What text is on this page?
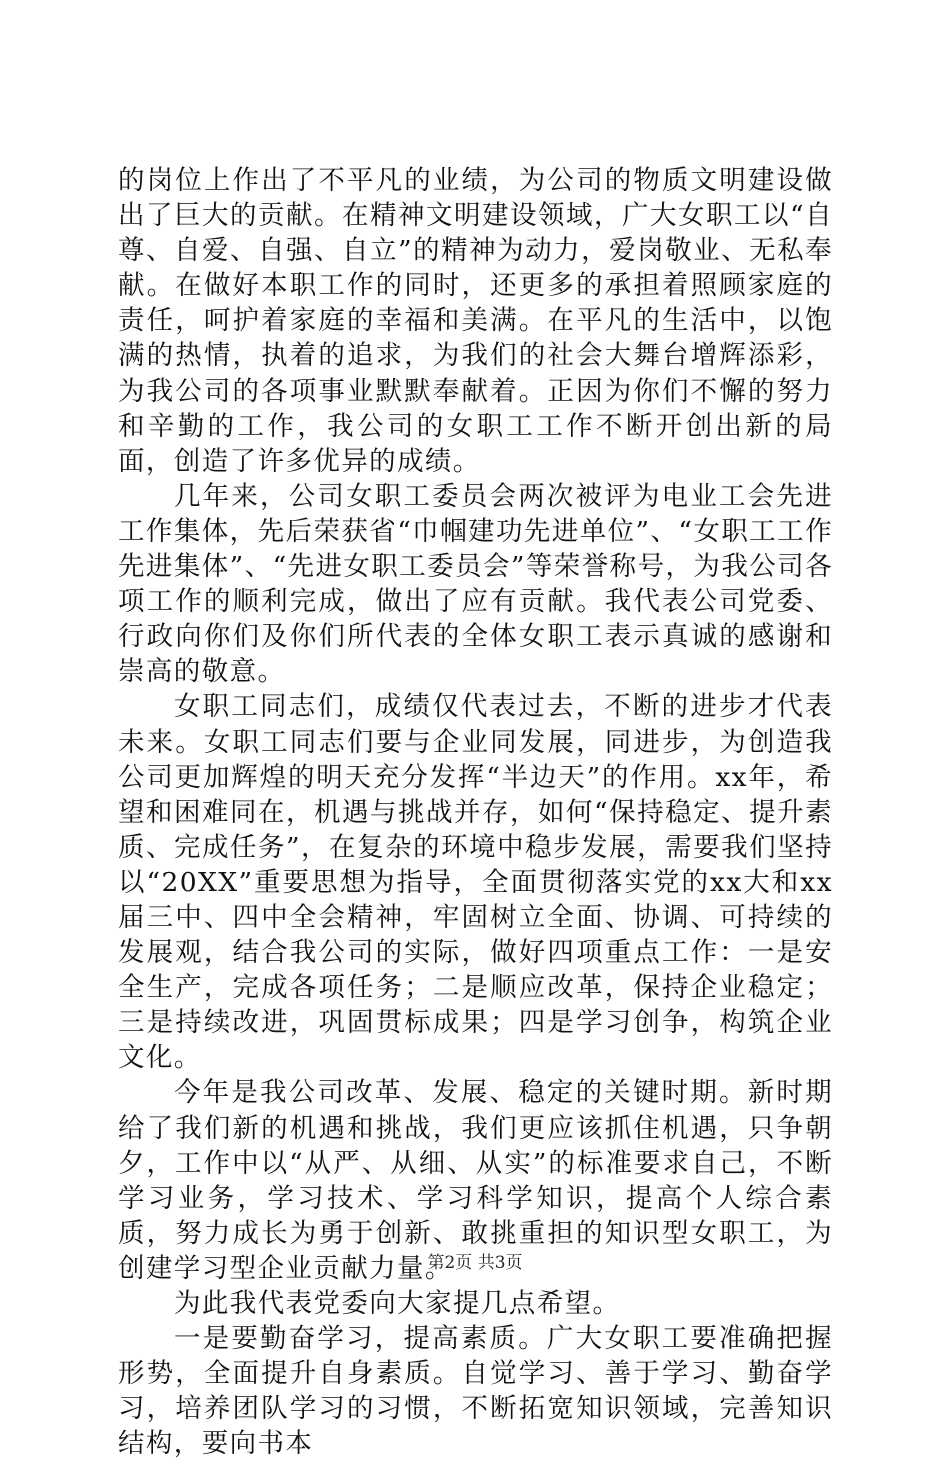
的岗位上作出了不平凡的业绩，为公司的物质文明建设做出了巨大的贡献。在精神文明建设领域，广大女职工以“自尊、自爱、自强、自立”的精神为动力，爱岗敬业、无私奉献。在做好本职工作的同时，还更多的承担着照顾家庭的责任，呵护着家庭的幸福和美满。在平凡的生活中，以饱满的热情，执着的追求，为我们的社会大舞台增辉添彩，为我公司的各项事业默默奉献着。正因为你们不懈的努力和辛勤的工作，我公司的女职工工作不断开创出新的局面，创造了许多优异的成绩。

几年来，公司女职工委员会两次被评为电业工会先进工作集体，先后荣获省“巾帼建功先进单位”、“女职工工作先进集体”、“先进女职工委员会”等荣誉称号，为我公司各项工作的顺利完成，做出了应有贡献。我代表公司党委、行政向你们及你们所代表的全体女职工表示真诚的感谢和崇高的敬意。

女职工同志们，成绩仅代表过去，不断的进步才代表未来。女职工同志们要与企业同发展，同进步，为创造我公司更加辉煌的明天充分发挥“半边天”的作用。xx年，希望和困难同在，机遇与挑战并存，如何“保持稳定、提升素质、完成任务”，在复杂的环境中稳步发展，需要我们坚持以“20XX”重要思想为指导，全面贯彻落实党的xx大和xx届三中、四中全会精神，牢固树立全面、协调、可持续的发展观，结合我公司的实际，做好四项重点工作：一是安全生产，完成各项任务；二是顺应改革，保持企业稳定；三是持续改进，巩固贯标成果；四是学习创争，构筑企业文化。

今年是我公司改革、发展、稳定的关键时期。新时期给了我们新的机遇和挑战，我们更应该抓住机遇，只争朝夕，工作中以“从严、从细、从实”的标准要求自己，不断学习业务，学习技术、学习科学知识，提高个人综合素质，努力成长为勇于创新、敢挑重担的知识型女职工，为创建学习型企业贡献力量。

为此我代表党委向大家提几点希望。

一是要勤奋学习，提高素质。广大女职工要准确把握形势，全面提升自身素质。自觉学习、善于学习、勤奋学习，培养团队学习的习惯，不断拓宽知识领域，完善知识结构，要向书本

第2页 共3页
